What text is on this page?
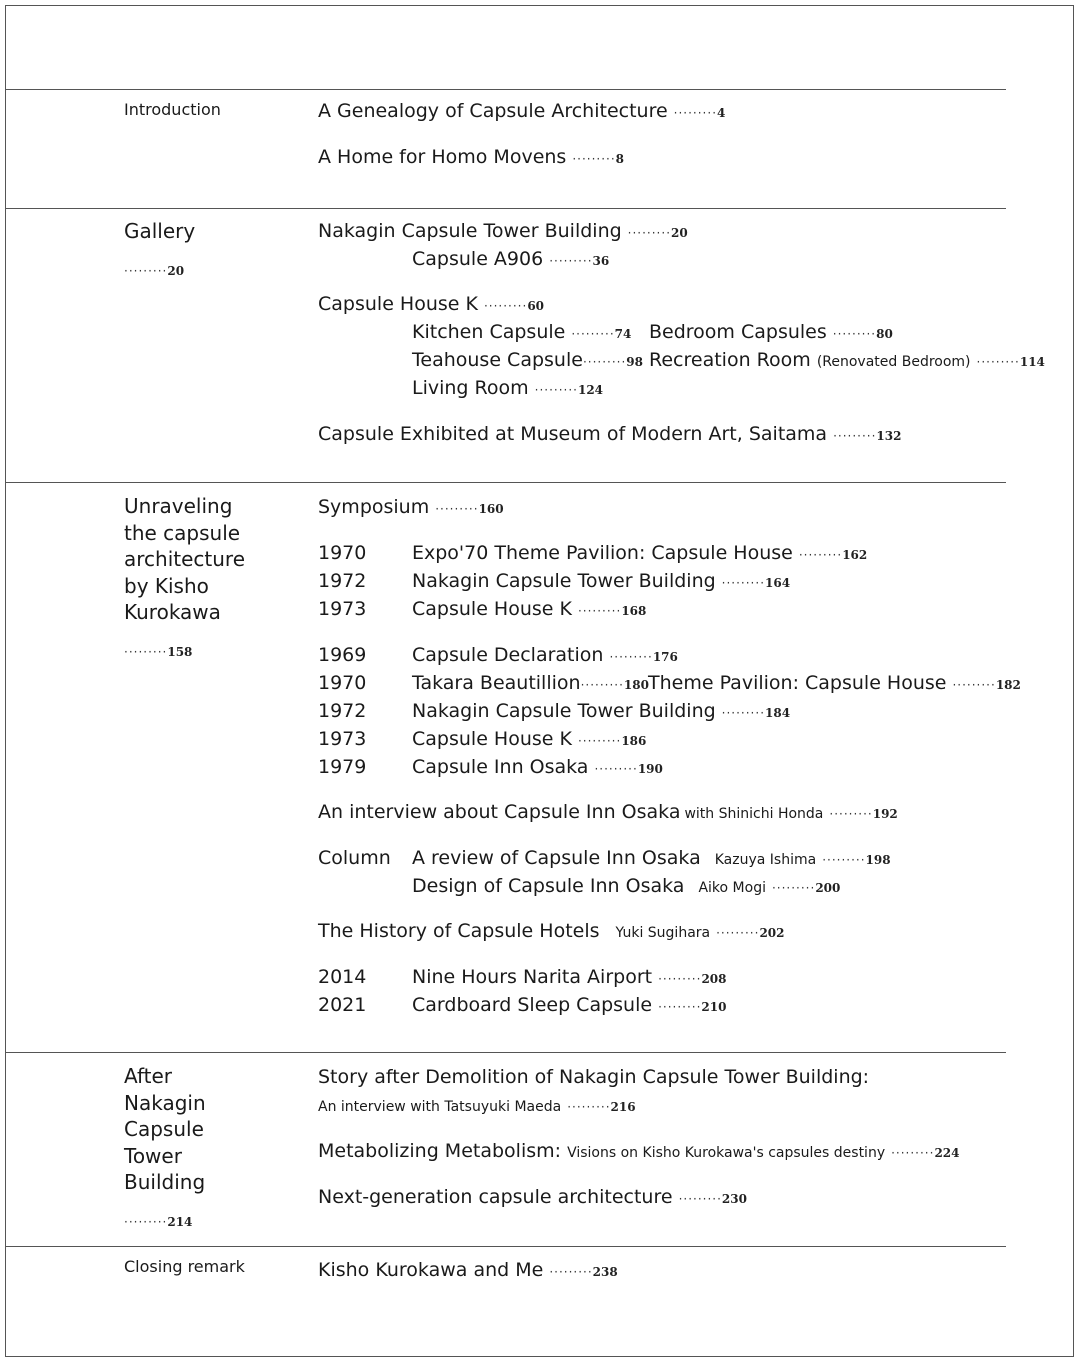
Introduction	A Genealogy of Capsule Architecture ·········4
A Home for Homo Movens ·········8
Gallery
·········20
Nakagin Capsule Tower Building ·········20
Capsule A906 ·········36
Capsule House K ·········60
Kitchen Capsule ·········74 Bedroom Capsules ·········80
Teahouse Capsule·········98 Recreation Room (Renovated Bedroom) ·········114
Living Room ·········124
Capsule Exhibited at Museum of Modern Art, Saitama ·········132
Unraveling
the capsule
architecture
by Kisho
Kurokawa
·········158
Symposium ·········160
1970 Expo'70 Theme Pavilion: Capsule House ·········162
1972 Nakagin Capsule Tower Building ·········164
1973 Capsule House K ·········168
1969 Capsule Declaration ·········176
1970 Takara Beautillion·········180 Theme Pavilion: Capsule House ·········182
1972 Nakagin Capsule Tower Building ·········184
1973 Capsule House K ·········186
1979 Capsule Inn Osaka ·········190
An interview about Capsule Inn Osaka with Shinichi Honda ·········192
Column A review of Capsule Inn Osaka Kazuya Ishima ·········198
Design of Capsule Inn Osaka Aiko Mogi ·········200
The History of Capsule Hotels Yuki Sugihara ·········202
2014 Nine Hours Narita Airport ·········208
2021 Cardboard Sleep Capsule ·········210
After
Nakagin
Capsule
Tower
Building
·········214
Story after Demolition of Nakagin Capsule Tower Building:
An interview with Tatsuyuki Maeda ·········216
Metabolizing Metabolism: Visions on Kisho Kurokawa's capsules destiny ·········224
Next-generation capsule architecture ·········230
Closing remark	Kisho Kurokawa and Me ·········238
